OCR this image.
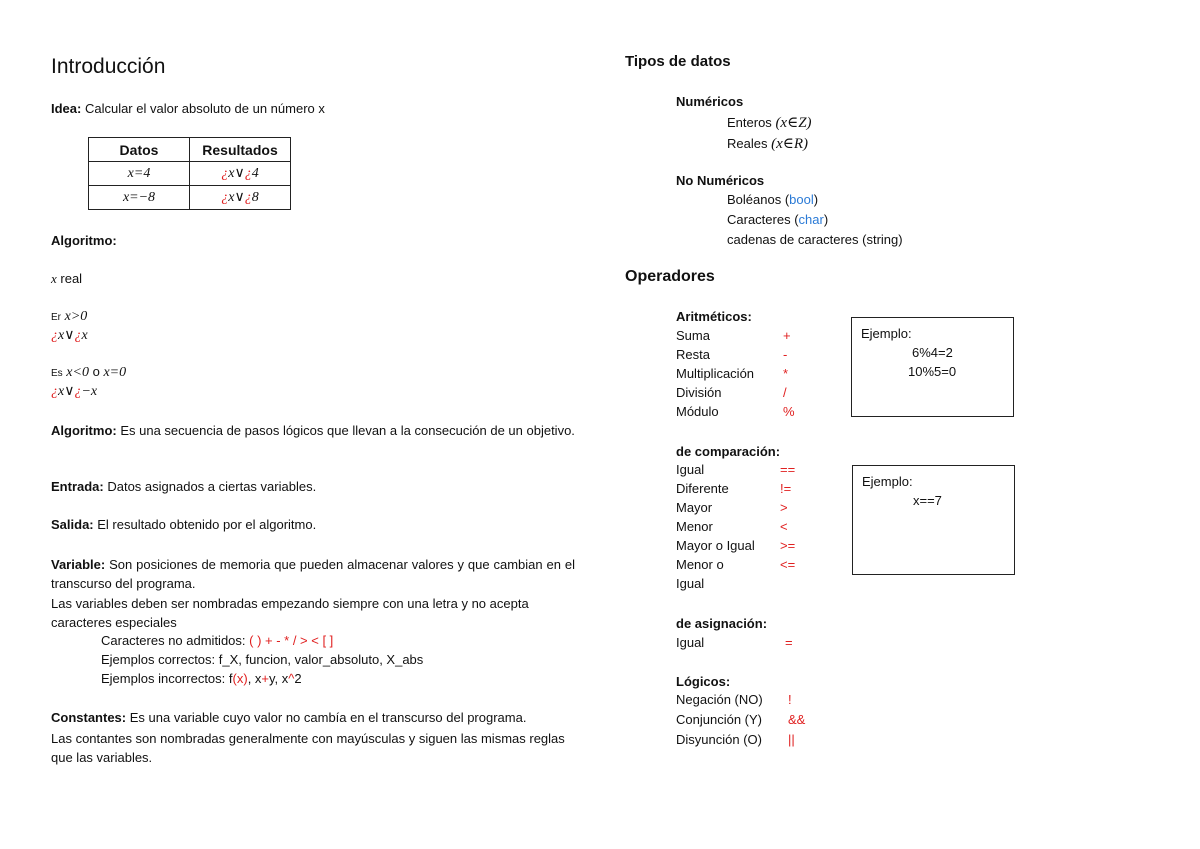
Introducción
Idea: Calcular el valor absoluto de un número x
Datos	Resultados
x=4	¿x∨¿4
x=−8	¿x∨¿8
Algoritmo:
x real
Er x>0
¿x∨¿x
Es x<0 o x=0
¿x∨¿−x
Algoritmo: Es una secuencia de pasos lógicos que llevan a la consecución de un objetivo.
Entrada: Datos asignados a ciertas variables.
Salida: El resultado obtenido por el algoritmo.
Variable: Son posiciones de memoria que pueden almacenar valores y que cambian en el transcurso del programa.
Las variables deben ser nombradas empezando siempre con una letra y no acepta caracteres especiales
Caracteres no admitidos: ( ) + - * / > < [ ]
Ejemplos correctos: f_X, funcion, valor_absoluto, X_abs
Ejemplos incorrectos: f(x), x+y, x^2
Constantes: Es una variable cuyo valor no cambía en el transcurso del programa.
Las contantes son nombradas generalmente con mayúsculas y siguen las mismas reglas que las variables.
Tipos de datos
Numéricos
Enteros (x∈Z)
Reales (x∈R)
No Numéricos
Boléanos (bool)
Caracteres (char)
cadenas de caracteres (string)
Operadores
Aritméticos:
Suma	+
Resta	-
Multiplicación *
División	/
Módulo	%
Ejemplo:
6%4=2
10%5=0
de comparación:
Igual	==
Diferente	!=
Mayor	>
Menor	<
Mayor o Igual >=
Menor o	<=
Igual
Ejemplo:
x==7
de asignación:
Igual	=
Lógicos:
Negación (NO) !
Conjunción (Y) &&
Disyunción (O) ||
